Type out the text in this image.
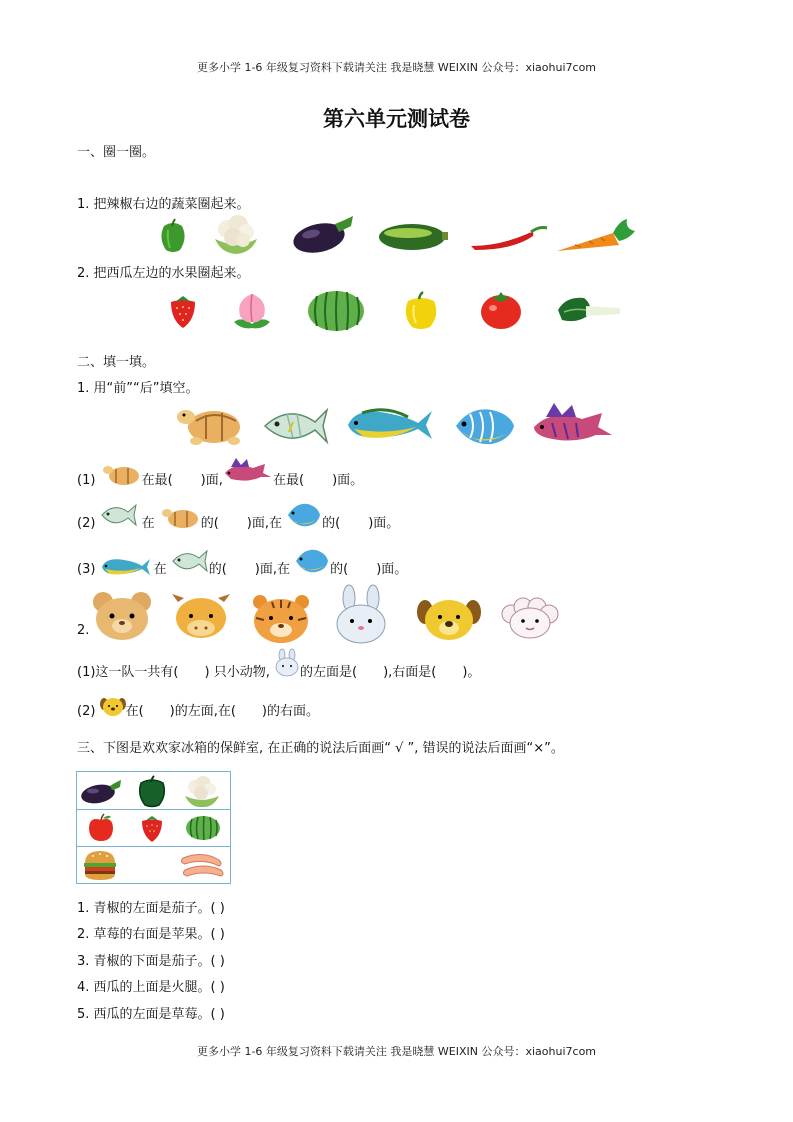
更多小学 1-6 年级复习资料下载请关注 我是晓慧 WEIXIN 公众号：xiaohui7com
第六单元测试卷
一、圈一圈。
1. 把辣椒右边的蔬菜圈起来。
2. 把西瓜左边的水果圈起来。
二、填一填。
1. 用“前”“后”填空。
(1)	在最( )面,	在最( )面。
(2)	在	的( )面,在	的( )面。
(3)	在	的( )面,在	的( )面。
2.
(1)这一队一共有( ) 只小动物, 的左面是( ),右面是( )。
(2) 在( )的左面,在( )的右面。
三、下图是欢欢家冰箱的保鲜室, 在正确的说法后面画“ √ ”, 错误的说法后面画“×”。
1. 青椒的左面是茄子。( )
2. 草莓的右面是苹果。( )
3. 青椒的下面是茄子。( )
4. 西瓜的上面是火腿。( )
5. 西瓜的左面是草莓。( )
更多小学 1-6 年级复习资料下载请关注 我是晓慧 WEIXIN 公众号：xiaohui7com
